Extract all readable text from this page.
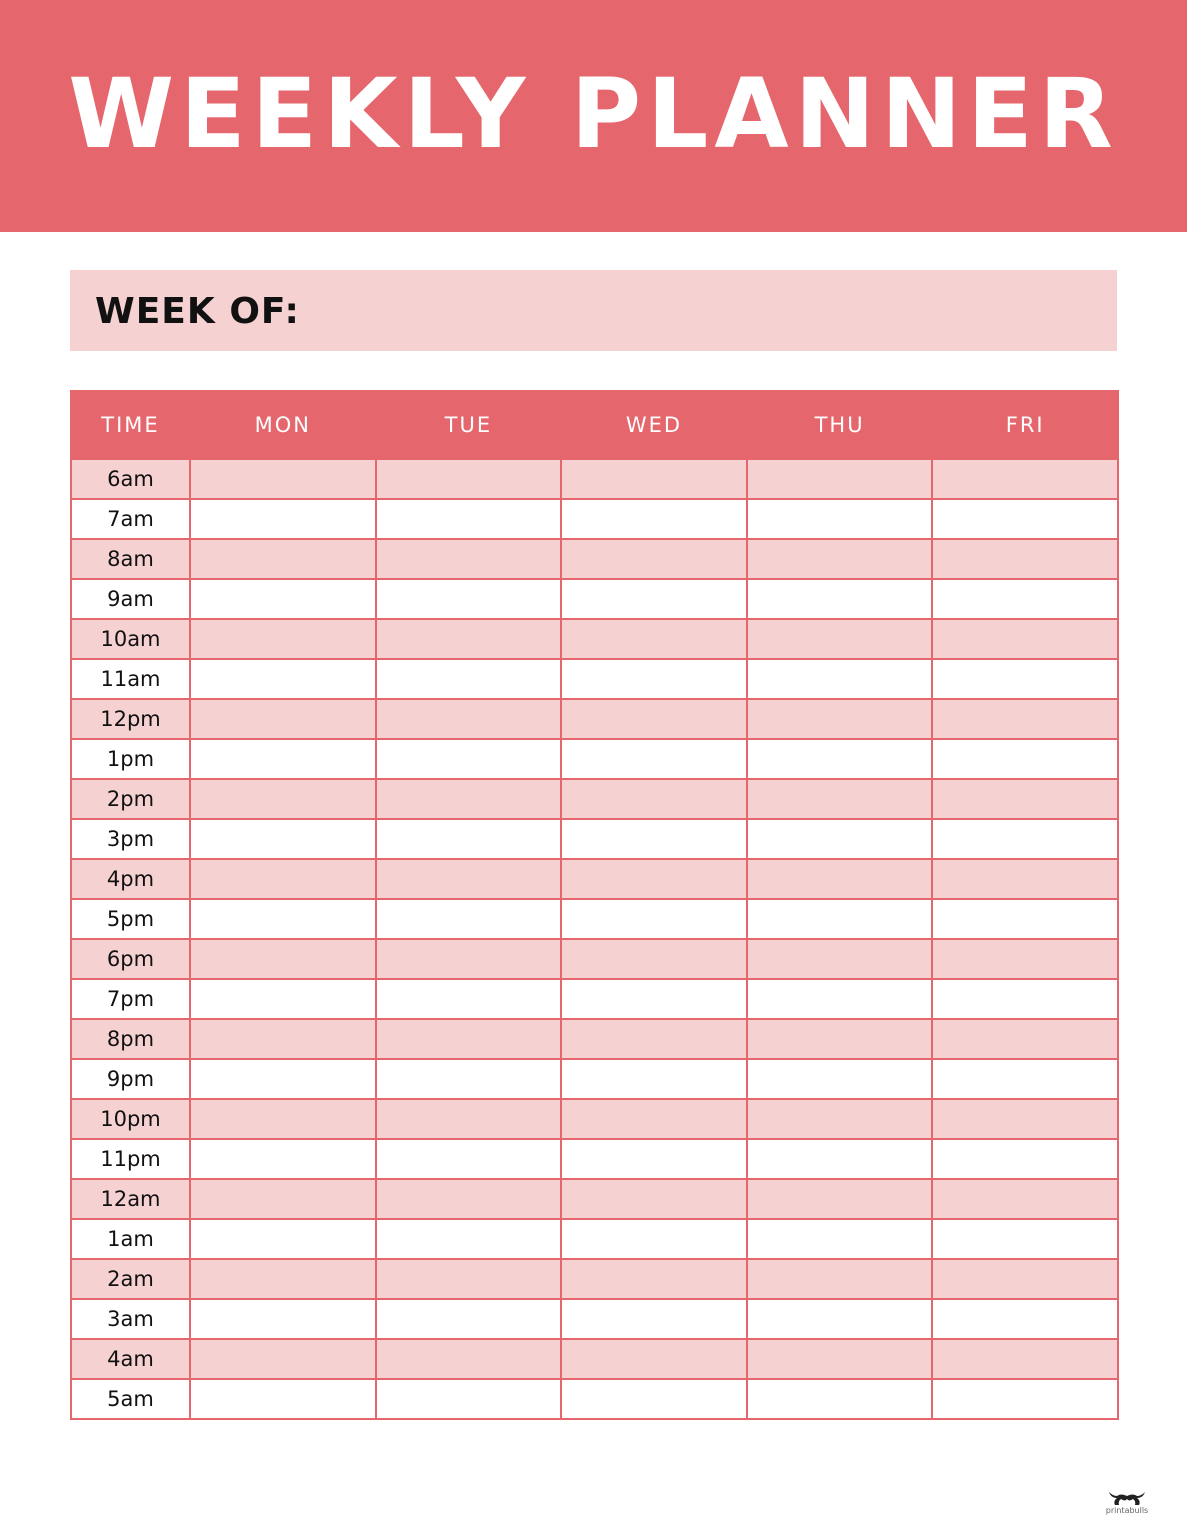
WEEKLY PLANNER
WEEK OF:
TIME	MON	TUE	WED	THU	FRI
6am					
7am					
8am					
9am					
10am					
11am					
12pm					
1pm					
2pm					
3pm					
4pm					
5pm					
6pm					
7pm					
8pm					
9pm					
10pm					
11pm					
12am					
1am					
2am					
3am					
4am					
5am					
printabulls
